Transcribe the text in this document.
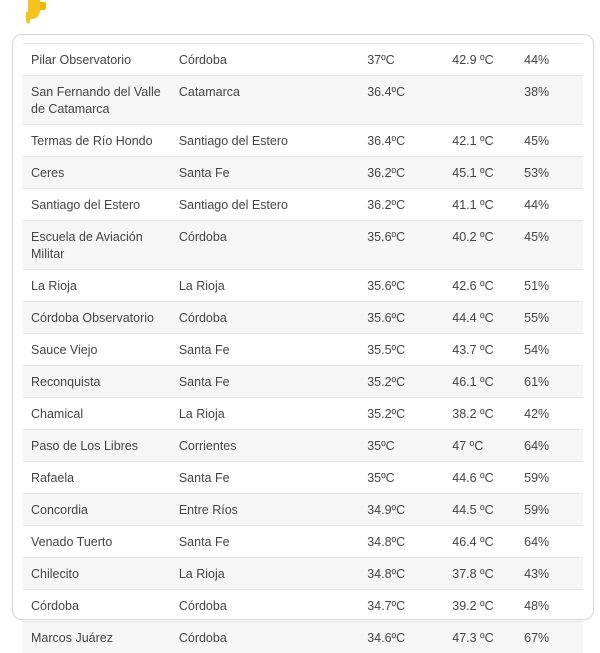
Pilar Observatorio	Córdoba	37ºC	42.9 ºC	44%
San Fernando del Valle de Catamarca	Catamarca	36.4ºC		38%
Termas de Río Hondo	Santiago del Estero	36.4ºC	42.1 ºC	45%
Ceres	Santa Fe	36.2ºC	45.1 ºC	53%
Santiago del Estero	Santiago del Estero	36.2ºC	41.1 ºC	44%
Escuela de Aviación Militar	Córdoba	35.6ºC	40.2 ºC	45%
La Rioja	La Rioja	35.6ºC	42.6 ºC	51%
Córdoba Observatorio	Córdoba	35.6ºC	44.4 ºC	55%
Sauce Viejo	Santa Fe	35.5ºC	43.7 ºC	54%
Reconquista	Santa Fe	35.2ºC	46.1 ºC	61%
Chamical	La Rioja	35.2ºC	38.2 ºC	42%
Paso de Los Libres	Corrientes	35ºC	47 ºC	64%
Rafaela	Santa Fe	35ºC	44.6 ºC	59%
Concordia	Entre Ríos	34.9ºC	44.5 ºC	59%
Venado Tuerto	Santa Fe	34.8ºC	46.4 ºC	64%
Chilecito	La Rioja	34.8ºC	37.8 ºC	43%
Córdoba	Córdoba	34.7ºC	39.2 ºC	48%
Marcos Juárez	Córdoba	34.6ºC	47.3 ºC	67%
